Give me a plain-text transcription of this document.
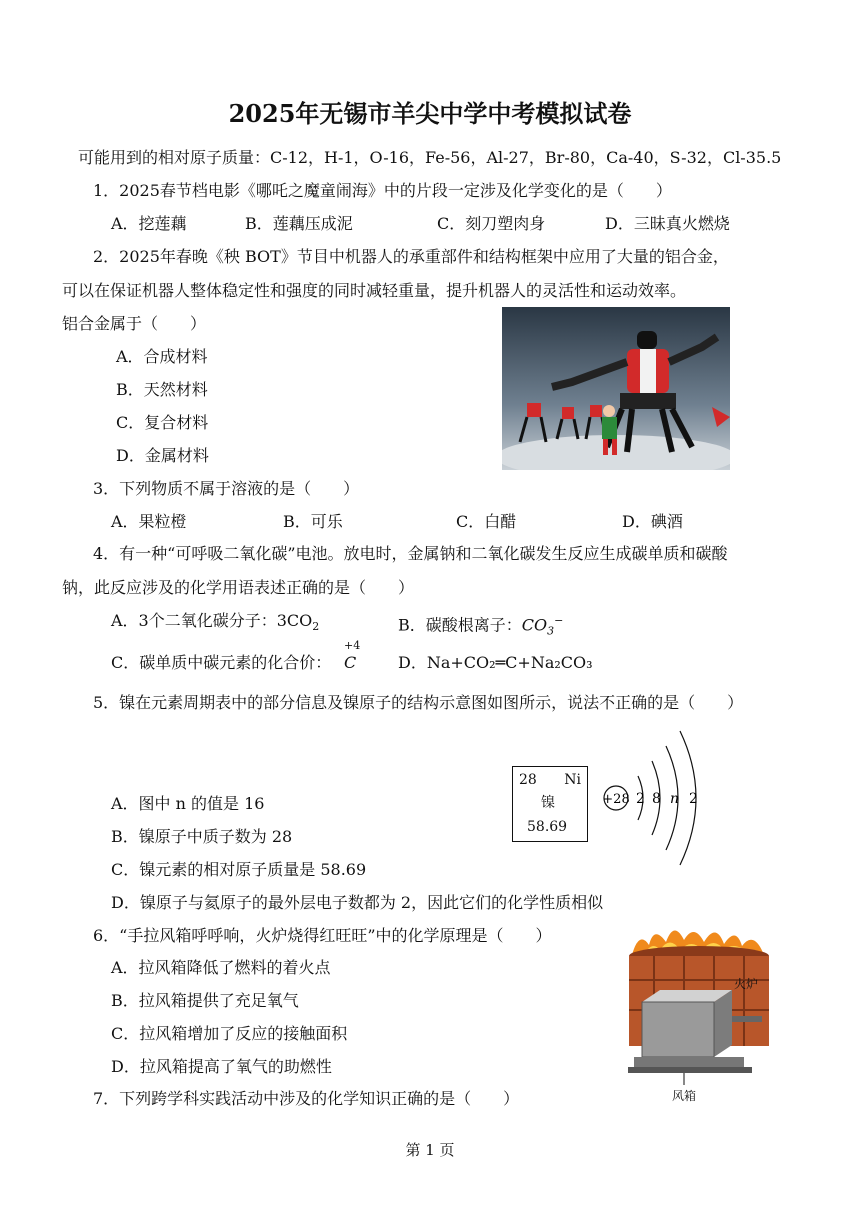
2025年无锡市羊尖中学中考模拟试卷
可能用到的相对原子质量：C-12，H-1，O-16，Fe-56，Al-27，Br-80，Ca-40，S-32，Cl-35.5
1．2025春节档电影《哪吒之魔童闹海》中的片段一定涉及化学变化的是（　　）
A．挖莲藕	B．莲藕压成泥	C．刻刀塑肉身	D．三昧真火燃烧
2．2025年春晚《秧 BOT》节目中机器人的承重部件和结构框架中应用了大量的铝合金，
可以在保证机器人整体稳定性和强度的同时减轻重量，提升机器人的灵活性和运动效率。
铝合金属于（　　）
A．合成材料
B．天然材料
C．复合材料
D．金属材料
3．下列物质不属于溶液的是（　　）
A．果粒橙	B．可乐	C．白醋	D．碘酒
4．有一种“可呼吸二氧化碳”电池。放电时，金属钠和二氧化碳发生反应生成碳单质和碳酸
钠，此反应涉及的化学用语表述正确的是（　　）
A．3个二氧化碳分子：$3CO_2$	B．碳酸根离子：$CO_3^-$
C．碳单质中碳元素的化合价：
+4
C	D．Na+CO₂═C+Na₂CO₃
5．镍在元素周期表中的部分信息及镍原子的结构示意图如图所示，说法不正确的是（　　）
A．图中 n 的值是 16
B．镍原子中质子数为 28
C．镍元素的相对原子质量是 58.69
D．镍原子与氦原子的最外层电子数都为 2，因此它们的化学性质相似
28 Ni
镍
58.69
+28 2 8 n 2
6．“手拉风箱呼呼响，火炉烧得红旺旺”中的化学原理是（　　）
A．拉风箱降低了燃料的着火点
B．拉风箱提供了充足氧气
C．拉风箱增加了反应的接触面积
D．拉风箱提高了氧气的助燃性
火炉
风箱
7．下列跨学科实践活动中涉及的化学知识正确的是（　　）
第 1 页
